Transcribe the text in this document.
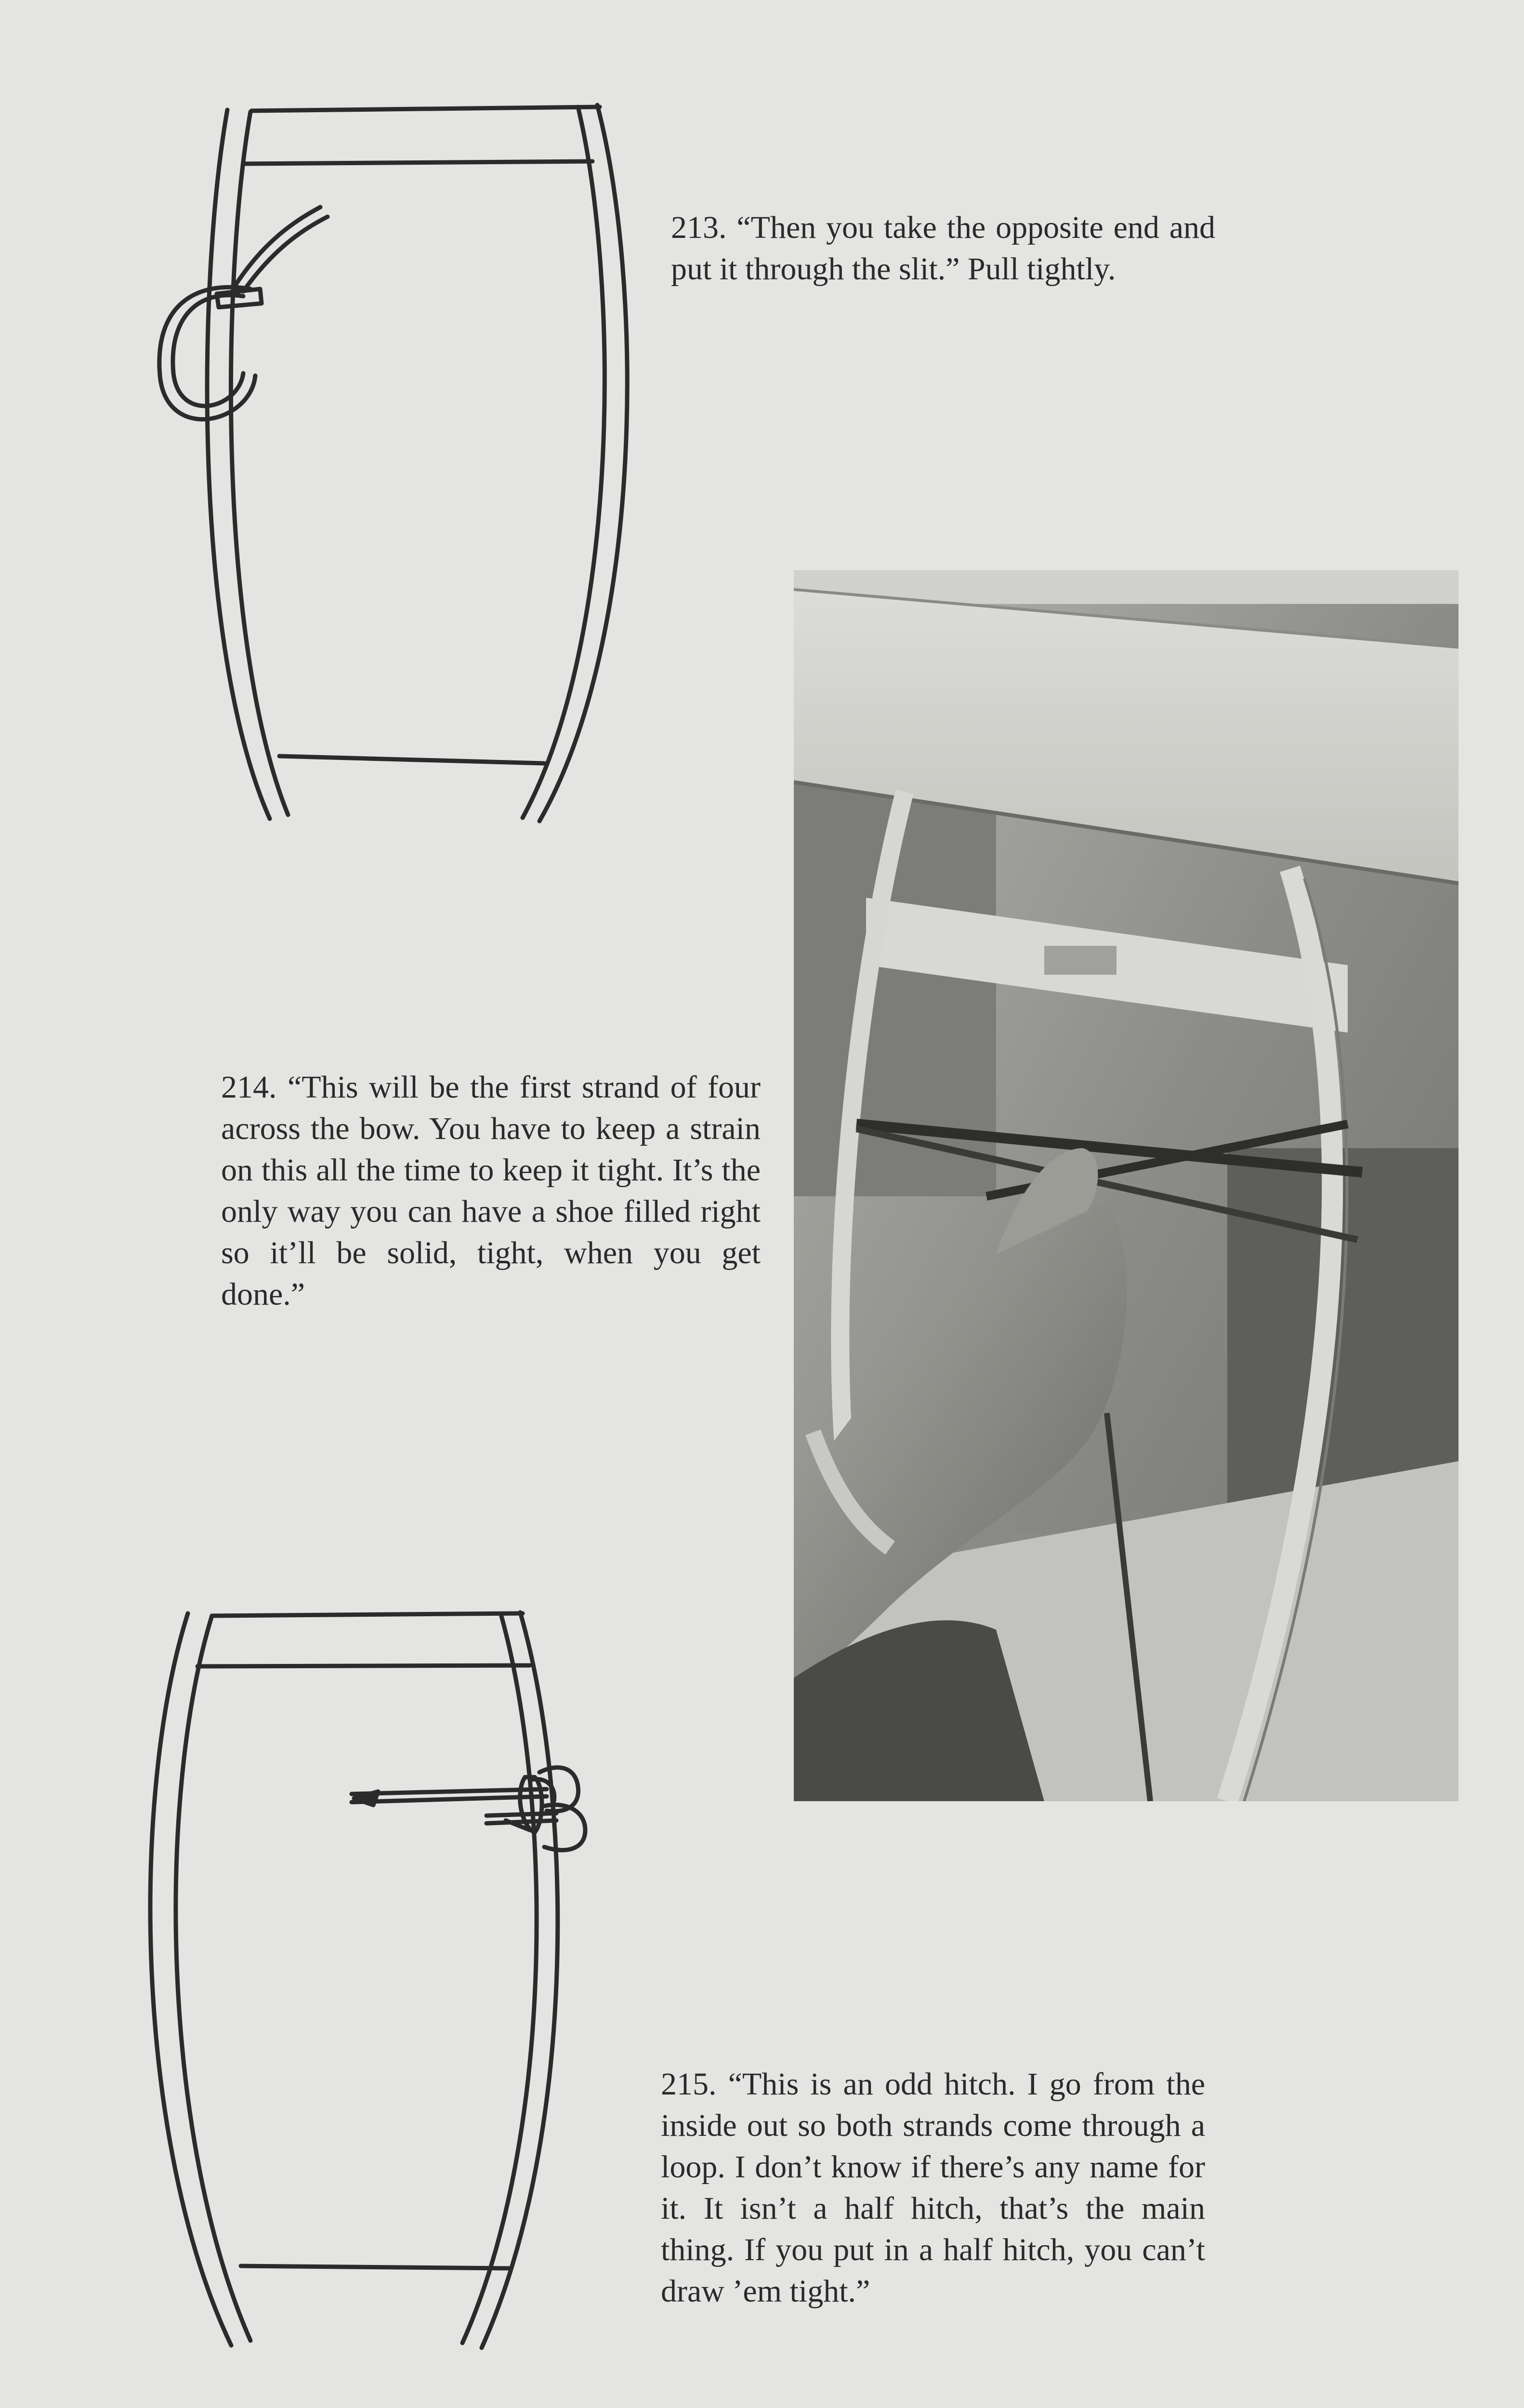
213. “Then you take the opposite end and put it through the slit.” Pull tightly.
214. “This will be the first strand of four across the bow. You have to keep a strain on this all the time to keep it tight. It’s the only way you can have a shoe filled right so it’ll be solid, tight, when you get done.”
215. “This is an odd hitch. I go from the inside out so both strands come through a loop. I don’t know if there’s any name for it. It isn’t a half hitch, that’s the main thing. If you put in a half hitch, you can’t draw ’em tight.”
